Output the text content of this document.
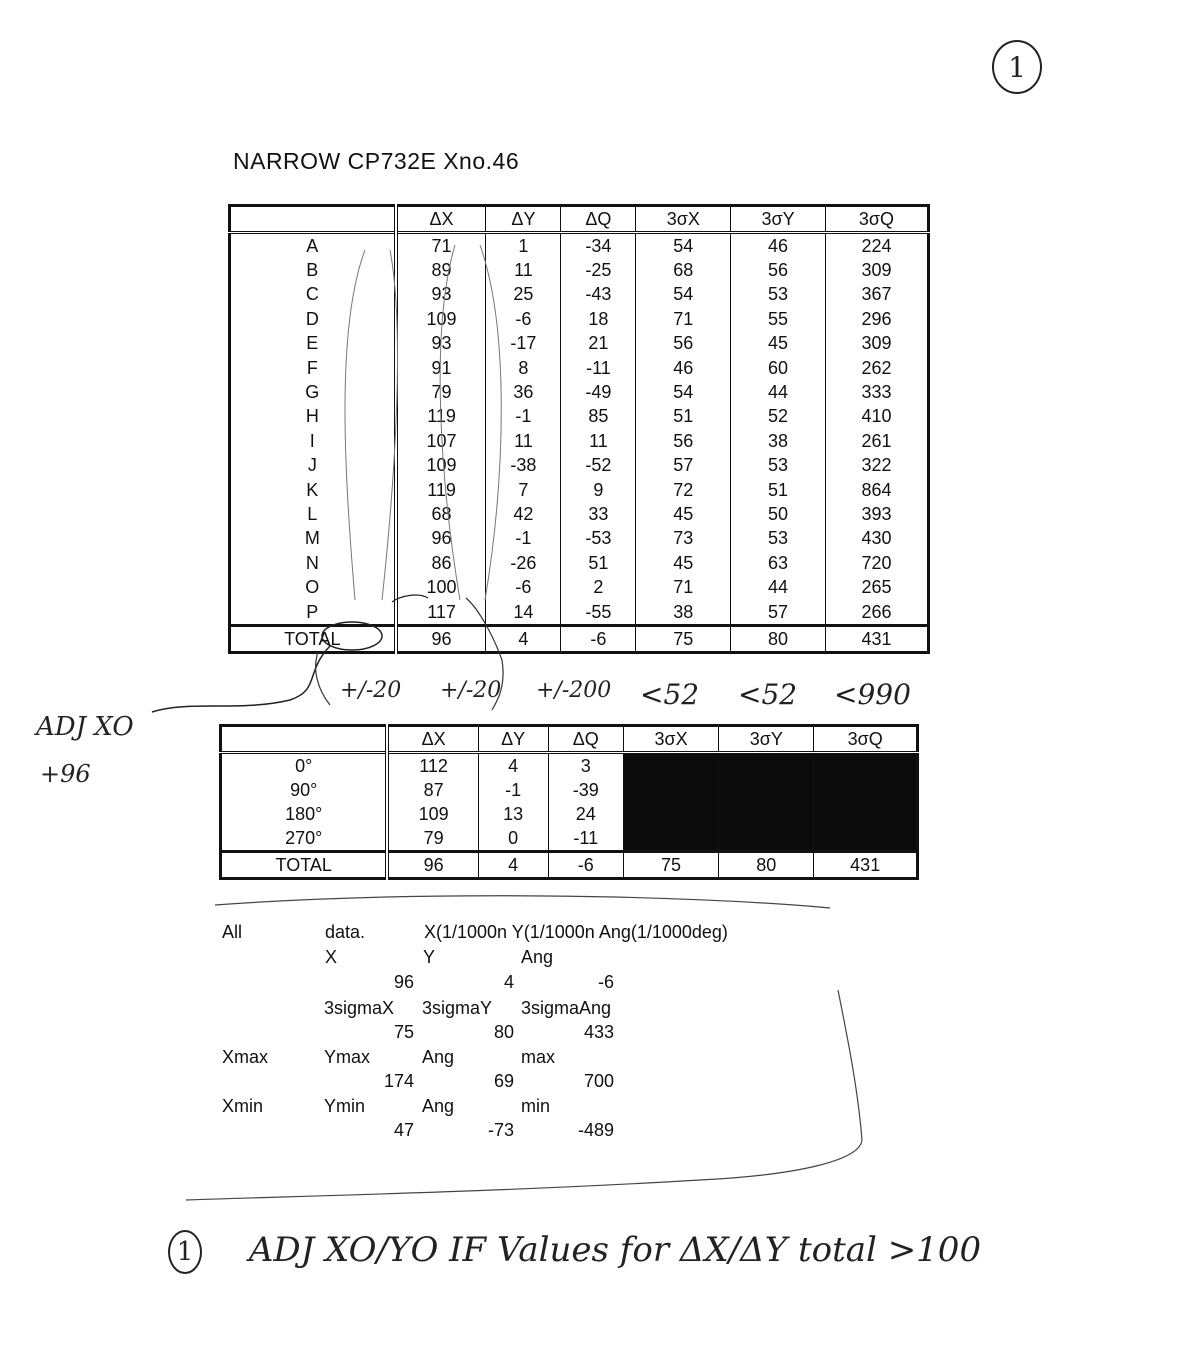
1
NARROW CP732E Xno.46
	ΔX	ΔY	ΔQ	3σX	3σY	3σQ
A	71	1	-34	54	46	224
B	89	11	-25	68	56	309
C	93	25	-43	54	53	367
D	109	-6	18	71	55	296
E	93	-17	21	56	45	309
F	91	8	-11	46	60	262
G	79	36	-49	54	44	333
H	119	-1	85	51	52	410
I	107	11	11	56	38	261
J	109	-38	-52	57	53	322
K	119	7	9	72	51	864
L	68	42	33	45	50	393
M	96	-1	-53	73	53	430
N	86	-26	51	45	63	720
O	100	-6	2	71	44	265
P	117	14	-55	38	57	266
TOTAL	96	4	-6	75	80	431
+/-20 +/-20 +/-200 <52 <52 <990
	ΔX	ΔY	ΔQ	3σX	3σY	3σQ
0°	112	4	3			
90°	87	-1	-39			
180°	109	13	24			
270°	79	0	-11			
TOTAL	96	4	-6	75	80	431
All	data.	X(1/1000n Y(1/1000n Ang(1/1000deg)
X	Y	Ang
96	4	-6
3sigmaX 3sigmaY 3sigmaAng
75	80	433
Xmax	Ymax	Ang	max
174	69	700
Xmin	Ymin	Ang	min
47	-73	-489
ADJ XO
+96
1 ADJ XO/YO IF Values for ΔX/ΔY total >100
